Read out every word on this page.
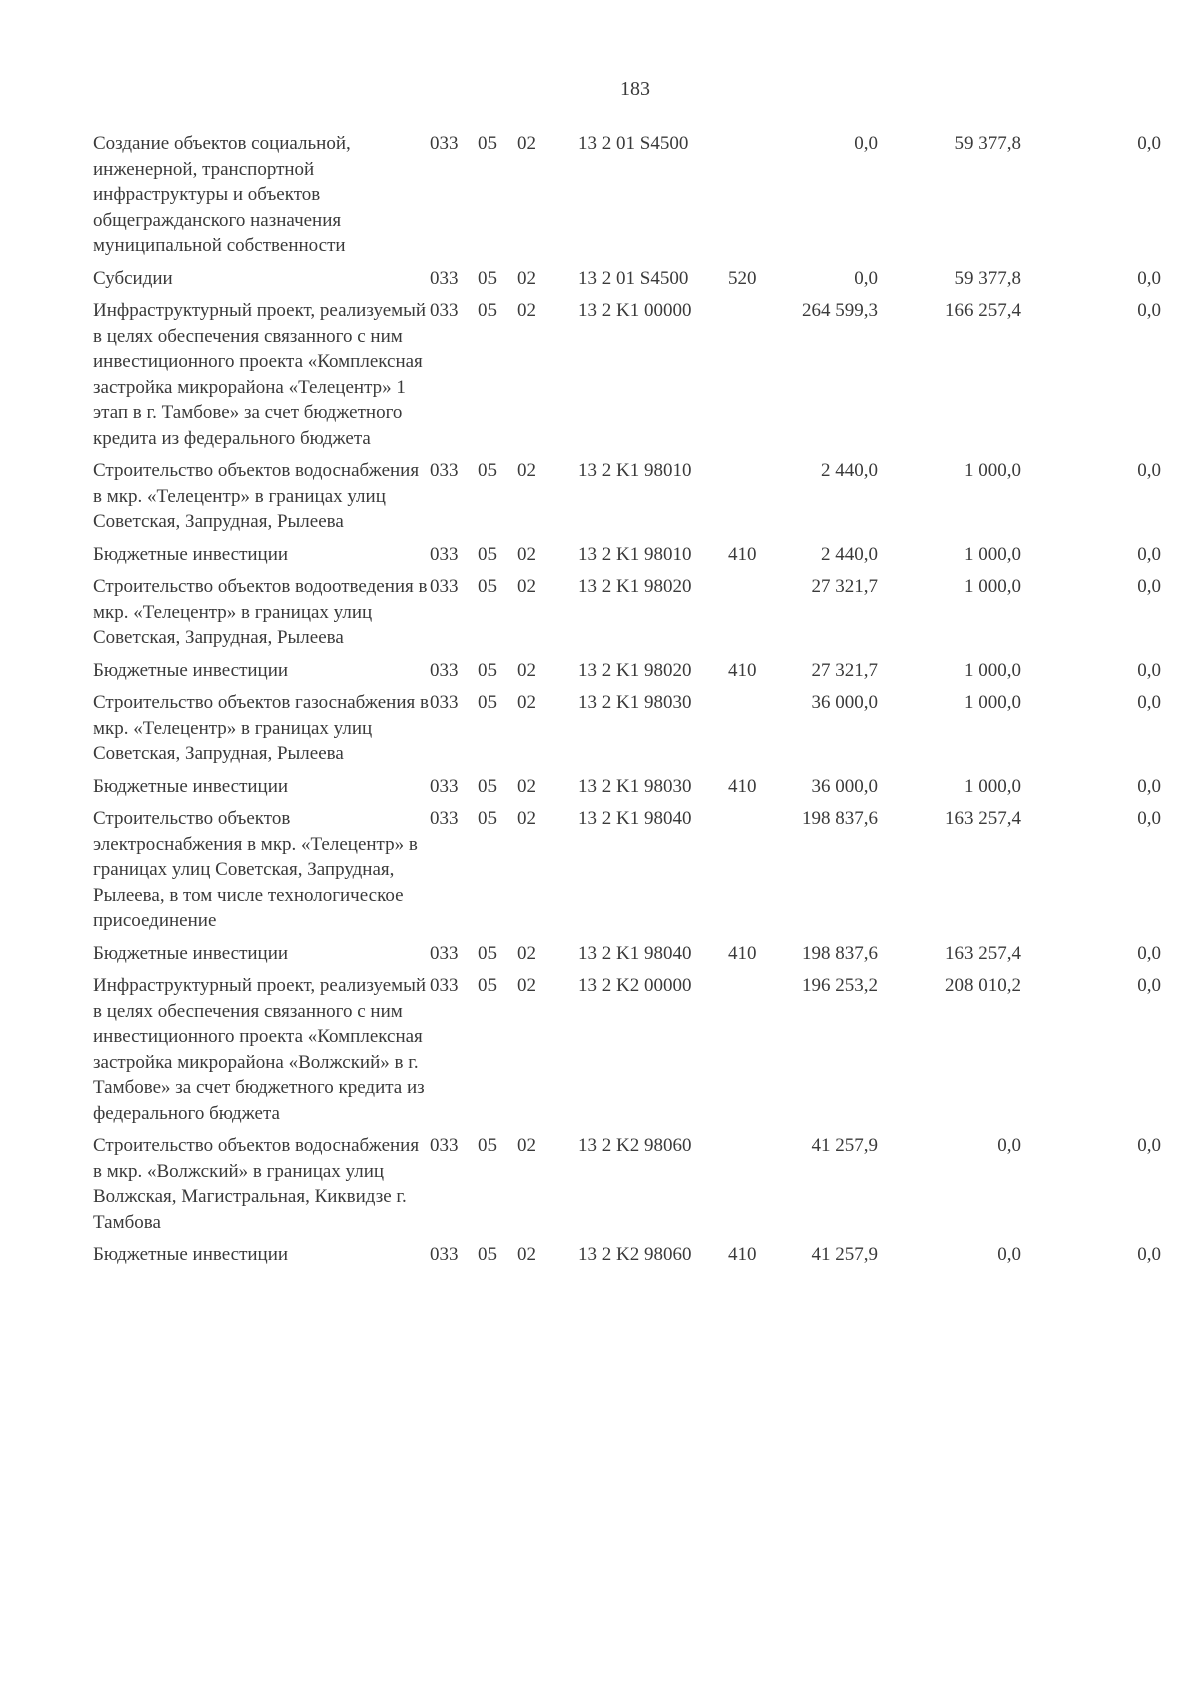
183
Создание объектов социальной, инженерной, транспортной инфраструктуры и объектов общегражданского назначения муниципальной собственности	033	05	02	13 2 01 S4500		0,0	59 377,8	0,0
Субсидии	033	05	02	13 2 01 S4500	520	0,0	59 377,8	0,0
Инфраструктурный проект, реализуемый в целях обеспечения связанного с ним инвестиционного проекта «Комплексная застройка микрорайона «Телецентр» 1 этап в г. Тамбове» за счет бюджетного кредита из федерального бюджета	033	05	02	13 2 K1 00000		264 599,3	166 257,4	0,0
Строительство объектов водоснабжения в мкр. «Телецентр» в границах улиц Советская, Запрудная, Рылеева	033	05	02	13 2 K1 98010		2 440,0	1 000,0	0,0
Бюджетные инвестиции	033	05	02	13 2 K1 98010	410	2 440,0	1 000,0	0,0
Строительство объектов водоотведения в мкр. «Телецентр» в границах улиц Советская, Запрудная, Рылеева	033	05	02	13 2 K1 98020		27 321,7	1 000,0	0,0
Бюджетные инвестиции	033	05	02	13 2 K1 98020	410	27 321,7	1 000,0	0,0
Строительство объектов газоснабжения в мкр. «Телецентр» в границах улиц Советская, Запрудная, Рылеева	033	05	02	13 2 K1 98030		36 000,0	1 000,0	0,0
Бюджетные инвестиции	033	05	02	13 2 K1 98030	410	36 000,0	1 000,0	0,0
Строительство объектов электроснабжения в мкр. «Телецентр» в границах улиц Советская, Запрудная, Рылеева, в том числе технологическое присоединение	033	05	02	13 2 K1 98040		198 837,6	163 257,4	0,0
Бюджетные инвестиции	033	05	02	13 2 K1 98040	410	198 837,6	163 257,4	0,0
Инфраструктурный проект, реализуемый в целях обеспечения связанного с ним инвестиционного проекта «Комплексная застройка микрорайона «Волжский» в г. Тамбове» за счет бюджетного кредита из федерального бюджета	033	05	02	13 2 K2 00000		196 253,2	208 010,2	0,0
Строительство объектов водоснабжения в мкр. «Волжский» в границах улиц Волжская, Магистральная, Киквидзе г. Тамбова	033	05	02	13 2 K2 98060		41 257,9	0,0	0,0
Бюджетные инвестиции	033	05	02	13 2 K2 98060	410	41 257,9	0,0	0,0
